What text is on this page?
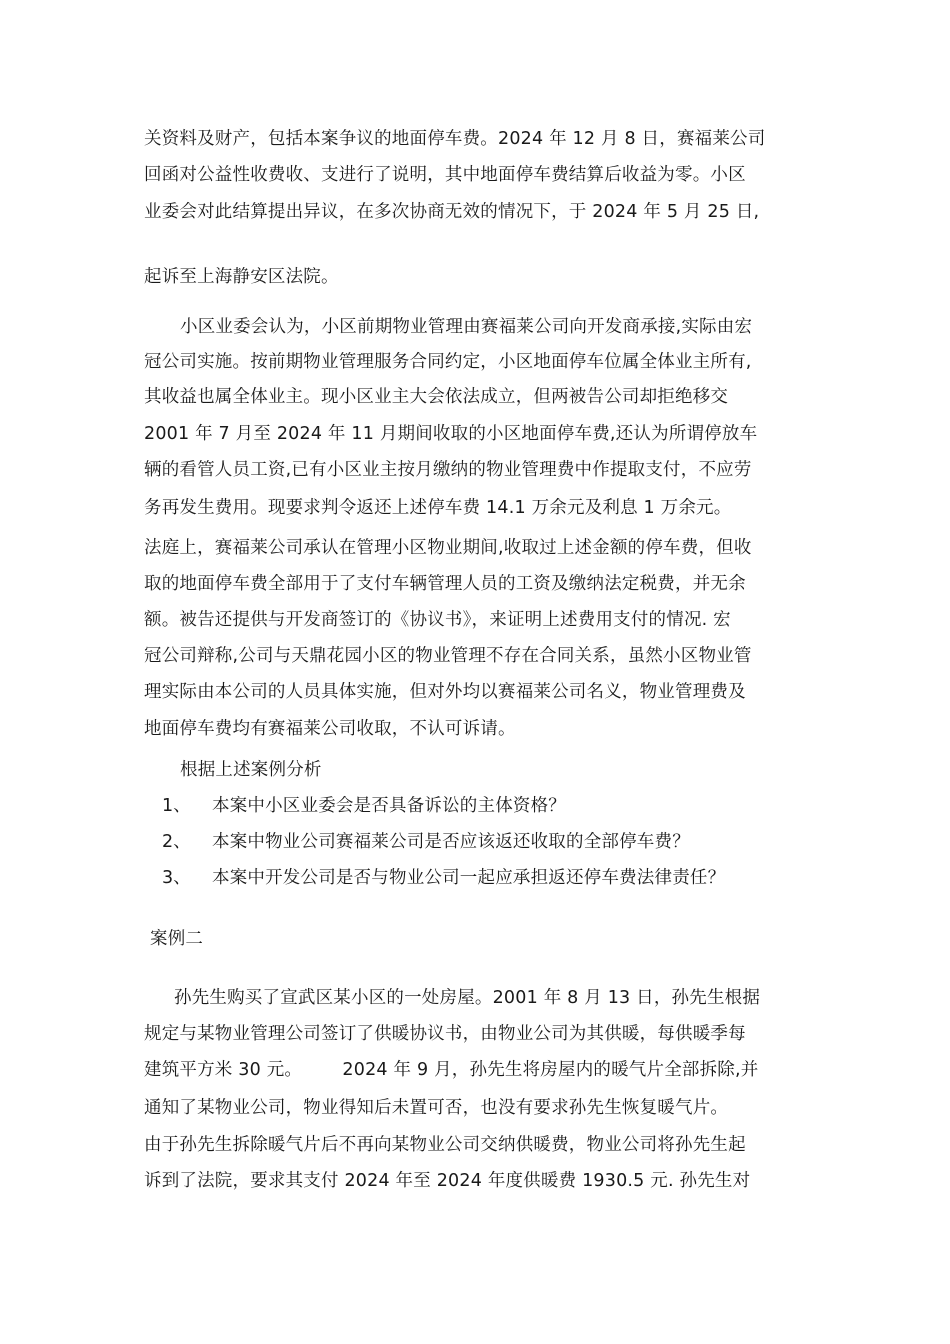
关资料及财产，包括本案争议的地面停车费。2024 年 12 月 8 日，赛福莱公司
回函对公益性收费收、支进行了说明，其中地面停车费结算后收益为零。小区
业委会对此结算提出异议，在多次协商无效的情况下，于 2024 年 5 月 25 日,
起诉至上海静安区法院。
小区业委会认为，小区前期物业管理由赛福莱公司向开发商承接,实际由宏
冠公司实施。按前期物业管理服务合同约定，小区地面停车位属全体业主所有,
其收益也属全体业主。现小区业主大会依法成立，但两被告公司却拒绝移交
2001 年 7 月至 2024 年 11 月期间收取的小区地面停车费,还认为所谓停放车
辆的看管人员工资,已有小区业主按月缴纳的物业管理费中作提取支付，不应劳
务再发生费用。现要求判令返还上述停车费 14.1 万余元及利息 1 万余元。
法庭上，赛福莱公司承认在管理小区物业期间,收取过上述金额的停车费，但收
取的地面停车费全部用于了支付车辆管理人员的工资及缴纳法定税费，并无余
额。被告还提供与开发商签订的《协议书》，来证明上述费用支付的情况. 宏
冠公司辩称,公司与天鼎花园小区的物业管理不存在合同关系，虽然小区物业管
理实际由本公司的人员具体实施，但对外均以赛福莱公司名义，物业管理费及
地面停车费均有赛福莱公司收取，不认可诉请。
根据上述案例分析
1、 本案中小区业委会是否具备诉讼的主体资格？
2、 本案中物业公司赛福莱公司是否应该返还收取的全部停车费？
3、 本案中开发公司是否与物业公司一起应承担返还停车费法律责任？
案例二
孙先生购买了宣武区某小区的一处房屋。2001 年 8 月 13 日，孙先生根据
规定与某物业管理公司签订了供暖协议书，由物业公司为其供暖，每供暖季每
建筑平方米 30 元。       2024 年 9 月，孙先生将房屋内的暖气片全部拆除,并
通知了某物业公司，物业得知后未置可否，也没有要求孙先生恢复暖气片。
由于孙先生拆除暖气片后不再向某物业公司交纳供暖费，物业公司将孙先生起
诉到了法院，要求其支付 2024 年至 2024 年度供暖费 1930.5 元. 孙先生对
